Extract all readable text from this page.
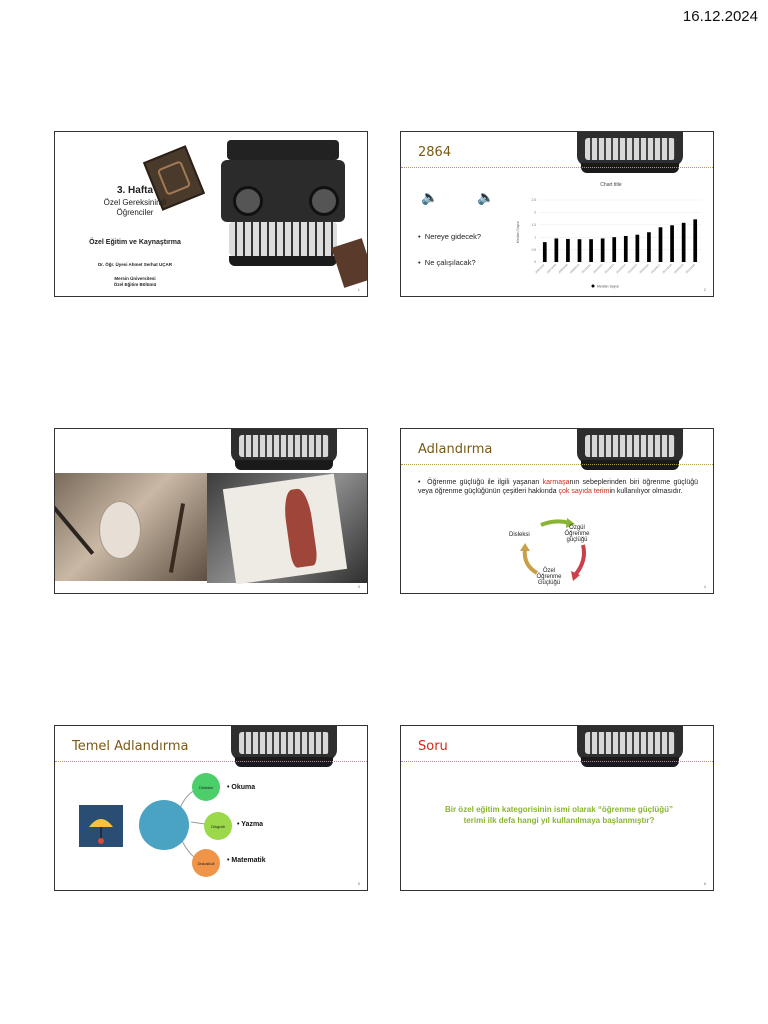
16.12.2024
3. Hafta
Özel Gereksinimli
Öğrenciler
Özel Eğitim ve Kaynaştırma
Dr. Öğr. Üyesi Ahmet Serhat UÇAR
Mersin Üniversitesi
Özel Eğitim Bölümü
1
2864
🔈	🔈
•  Nereye gidecek?
•  Ne çalışılacak?
Chart title
Median Sayısı
0
0.5
1
1.5
2
2.5
2006/2007 2007/2008 2008/2009 2009/2010 2010/2011 2011/2012 2012/2013 2013/2014 2014/2015 2015/2016 2016/2017 2017/2018 2018/2019 2019/2020
Median Sayısı
2
3
Adlandırma
•  Öğrenme güçlüğü ile ilgili yaşanan karmaşanın sebeplerinden biri öğrenme güçlüğü veya öğrenme güçlüğünün çeşitleri hakkında çok sayıda terimin kullanılıyor olmasıdır.
Disleksi
Özgül
Öğrenme
güçlüğü
Özel
Öğrenme
Güçlüğü
4
Temel Adlandırma
Disleksi
Disgrafi
Diskalkuli
• Okuma
• Yazma
• Matematik
5
Soru
Bir özel eğitim kategorisinin ismi olarak “öğrenme güçlüğü”
terimi ilk defa hangi yıl kullanılmaya başlanmıştır?
6
